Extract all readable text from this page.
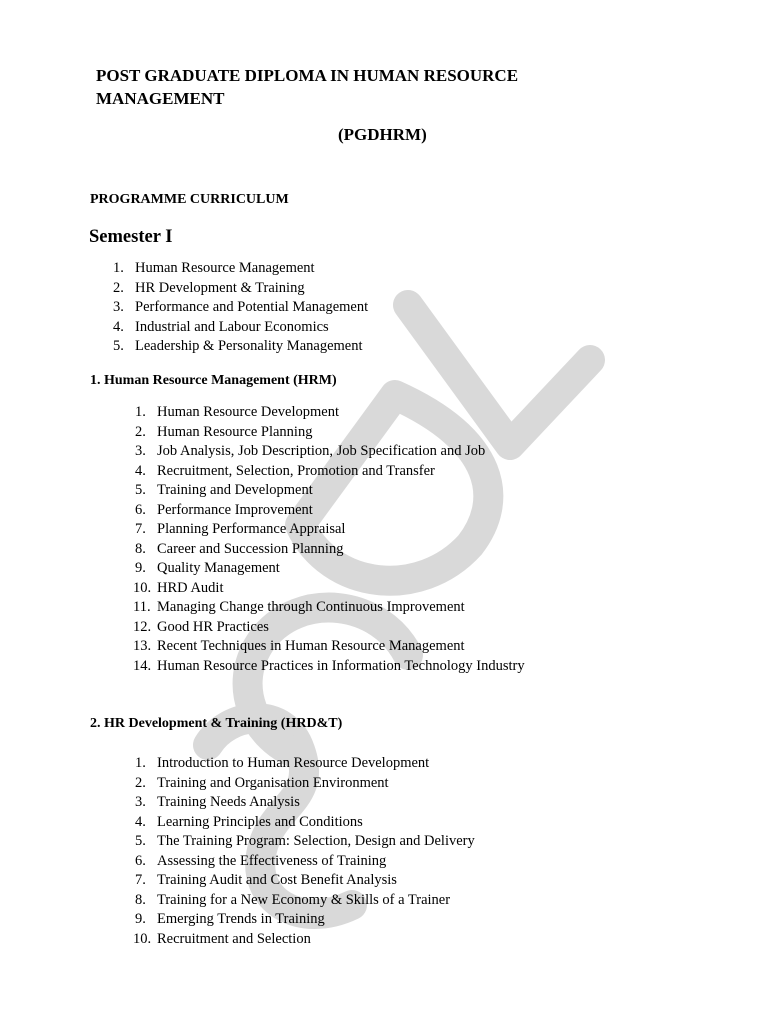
POST GRADUATE DIPLOMA IN HUMAN RESOURCE MANAGEMENT
(PGDHRM)
PROGRAMME CURRICULUM
Semester I
1. Human Resource Management
2. HR Development & Training
3. Performance and Potential Management
4. Industrial and Labour Economics
5. Leadership & Personality Management
1. Human Resource Management (HRM)
1. Human Resource Development
2. Human Resource Planning
3. Job Analysis, Job Description, Job Specification and Job
4. Recruitment, Selection, Promotion and Transfer
5. Training and Development
6. Performance Improvement
7. Planning Performance Appraisal
8. Career and Succession Planning
9. Quality Management
10. HRD Audit
11. Managing Change through Continuous Improvement
12. Good HR Practices
13. Recent Techniques in Human Resource Management
14. Human Resource Practices in Information Technology Industry
2. HR Development & Training (HRD&T)
1. Introduction to Human Resource Development
2. Training and Organisation Environment
3. Training Needs Analysis
4. Learning Principles and Conditions
5. The Training Program: Selection, Design and Delivery
6. Assessing the Effectiveness of Training
7. Training Audit and Cost Benefit Analysis
8. Training for a New Economy & Skills of a Trainer
9. Emerging Trends in Training
10. Recruitment and Selection
